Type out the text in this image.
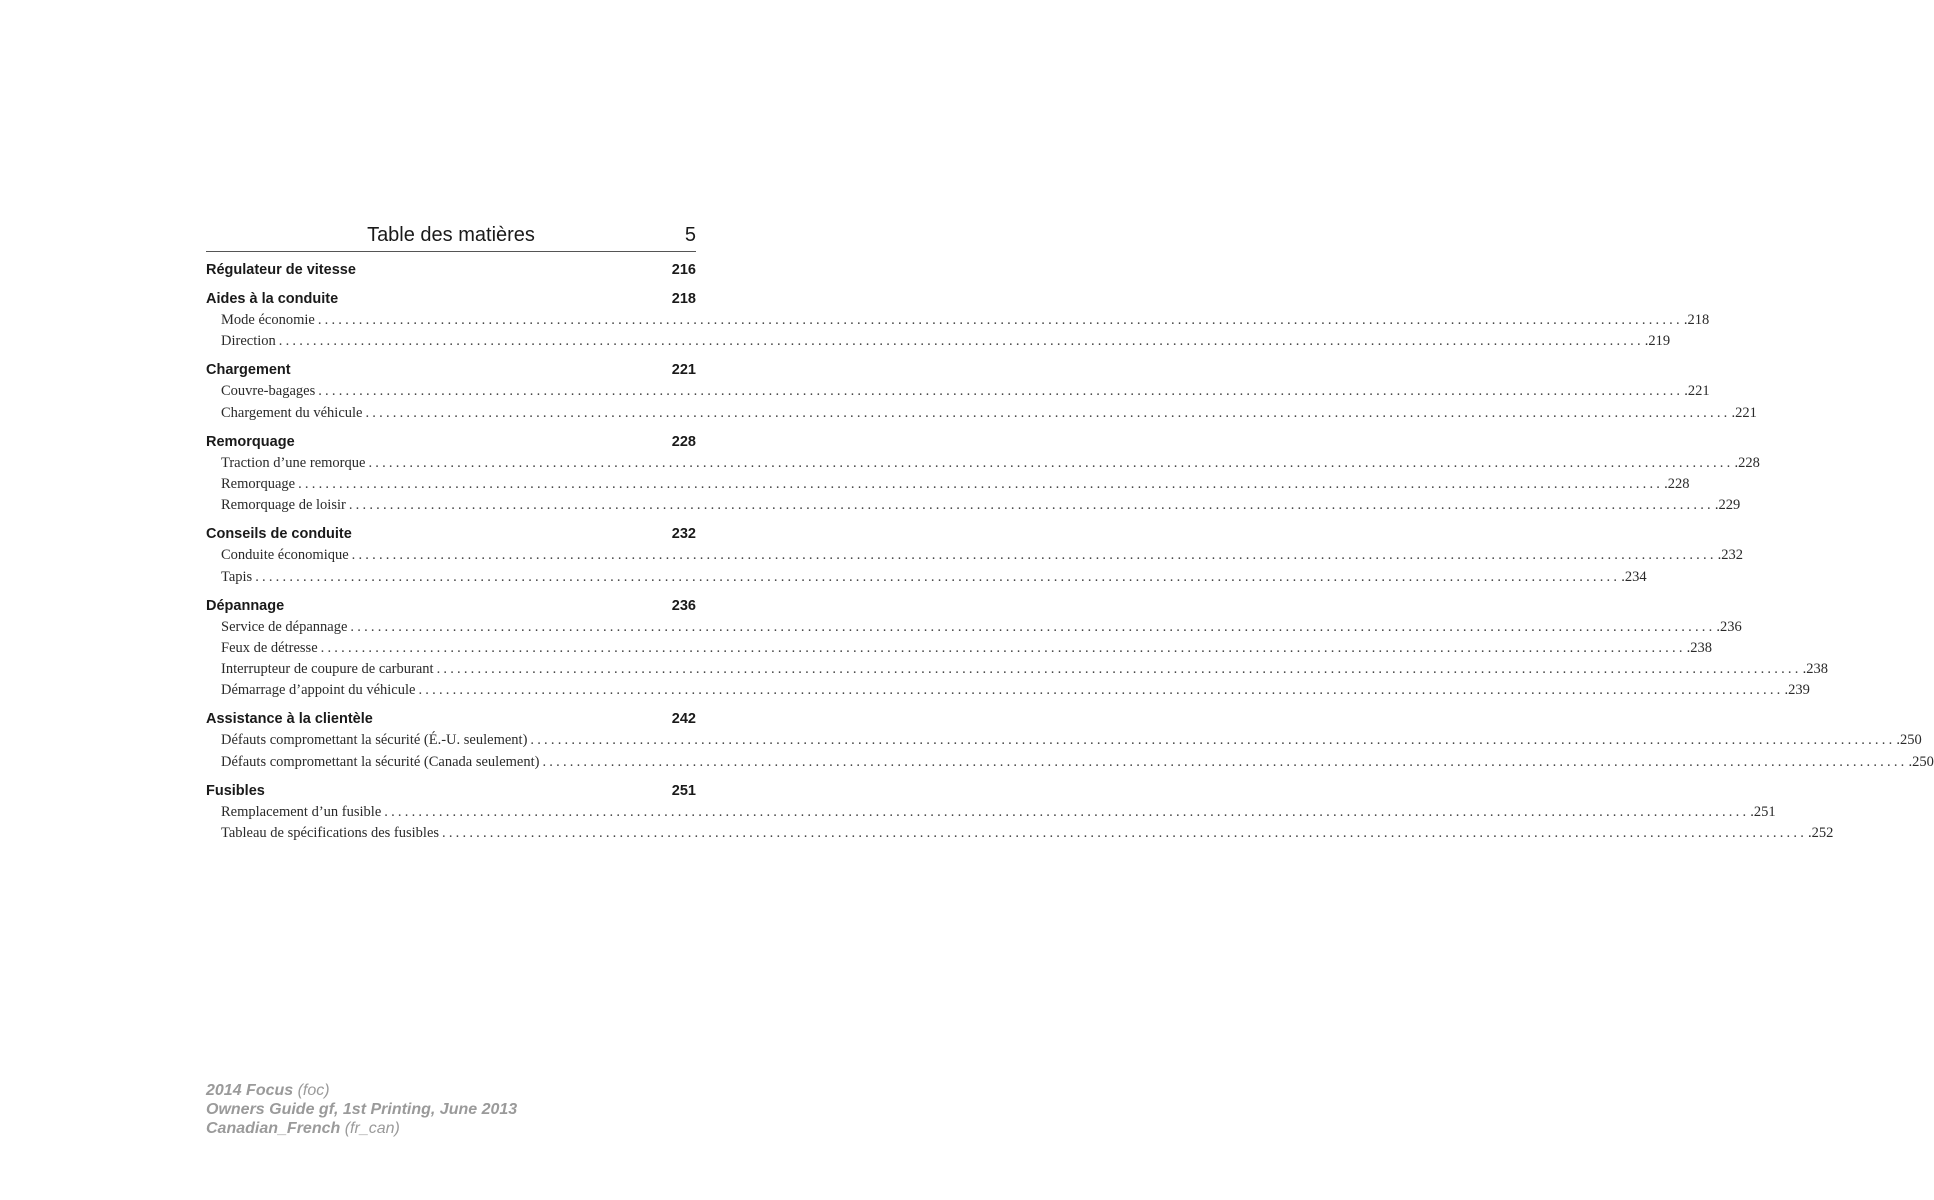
Table des matières	5
Régulateur de vitesse	216
Aides à la conduite	218
Mode économie ........................................................................................................................................................................................................ .218
Direction ........................................................................................................................................................................................................ .219
Chargement	221
Couvre-bagages ........................................................................................................................................................................................................ .221
Chargement du véhicule ........................................................................................................................................................................................................ .221
Remorquage	228
Traction d’une remorque ........................................................................................................................................................................................................ .228
Remorquage ........................................................................................................................................................................................................ .228
Remorquage de loisir ........................................................................................................................................................................................................ .229
Conseils de conduite	232
Conduite économique ........................................................................................................................................................................................................ .232
Tapis ........................................................................................................................................................................................................ .234
Dépannage	236
Service de dépannage ........................................................................................................................................................................................................ .236
Feux de détresse ........................................................................................................................................................................................................ .238
Interrupteur de coupure de carburant ........................................................................................................................................................................................................ .238
Démarrage d’appoint du véhicule ........................................................................................................................................................................................................ .239
Assistance à la clientèle	242
Défauts compromettant la sécurité (É.-U. seulement) ........................................................................................................................................................................................................ .250
Défauts compromettant la sécurité (Canada seulement) ........................................................................................................................................................................................................ .250
Fusibles	251
Remplacement d’un fusible ........................................................................................................................................................................................................ .251
Tableau de spécifications des fusibles ........................................................................................................................................................................................................ .252
2014 Focus (foc)
Owners Guide gf, 1st Printing, June 2013
Canadian_French (fr_can)
